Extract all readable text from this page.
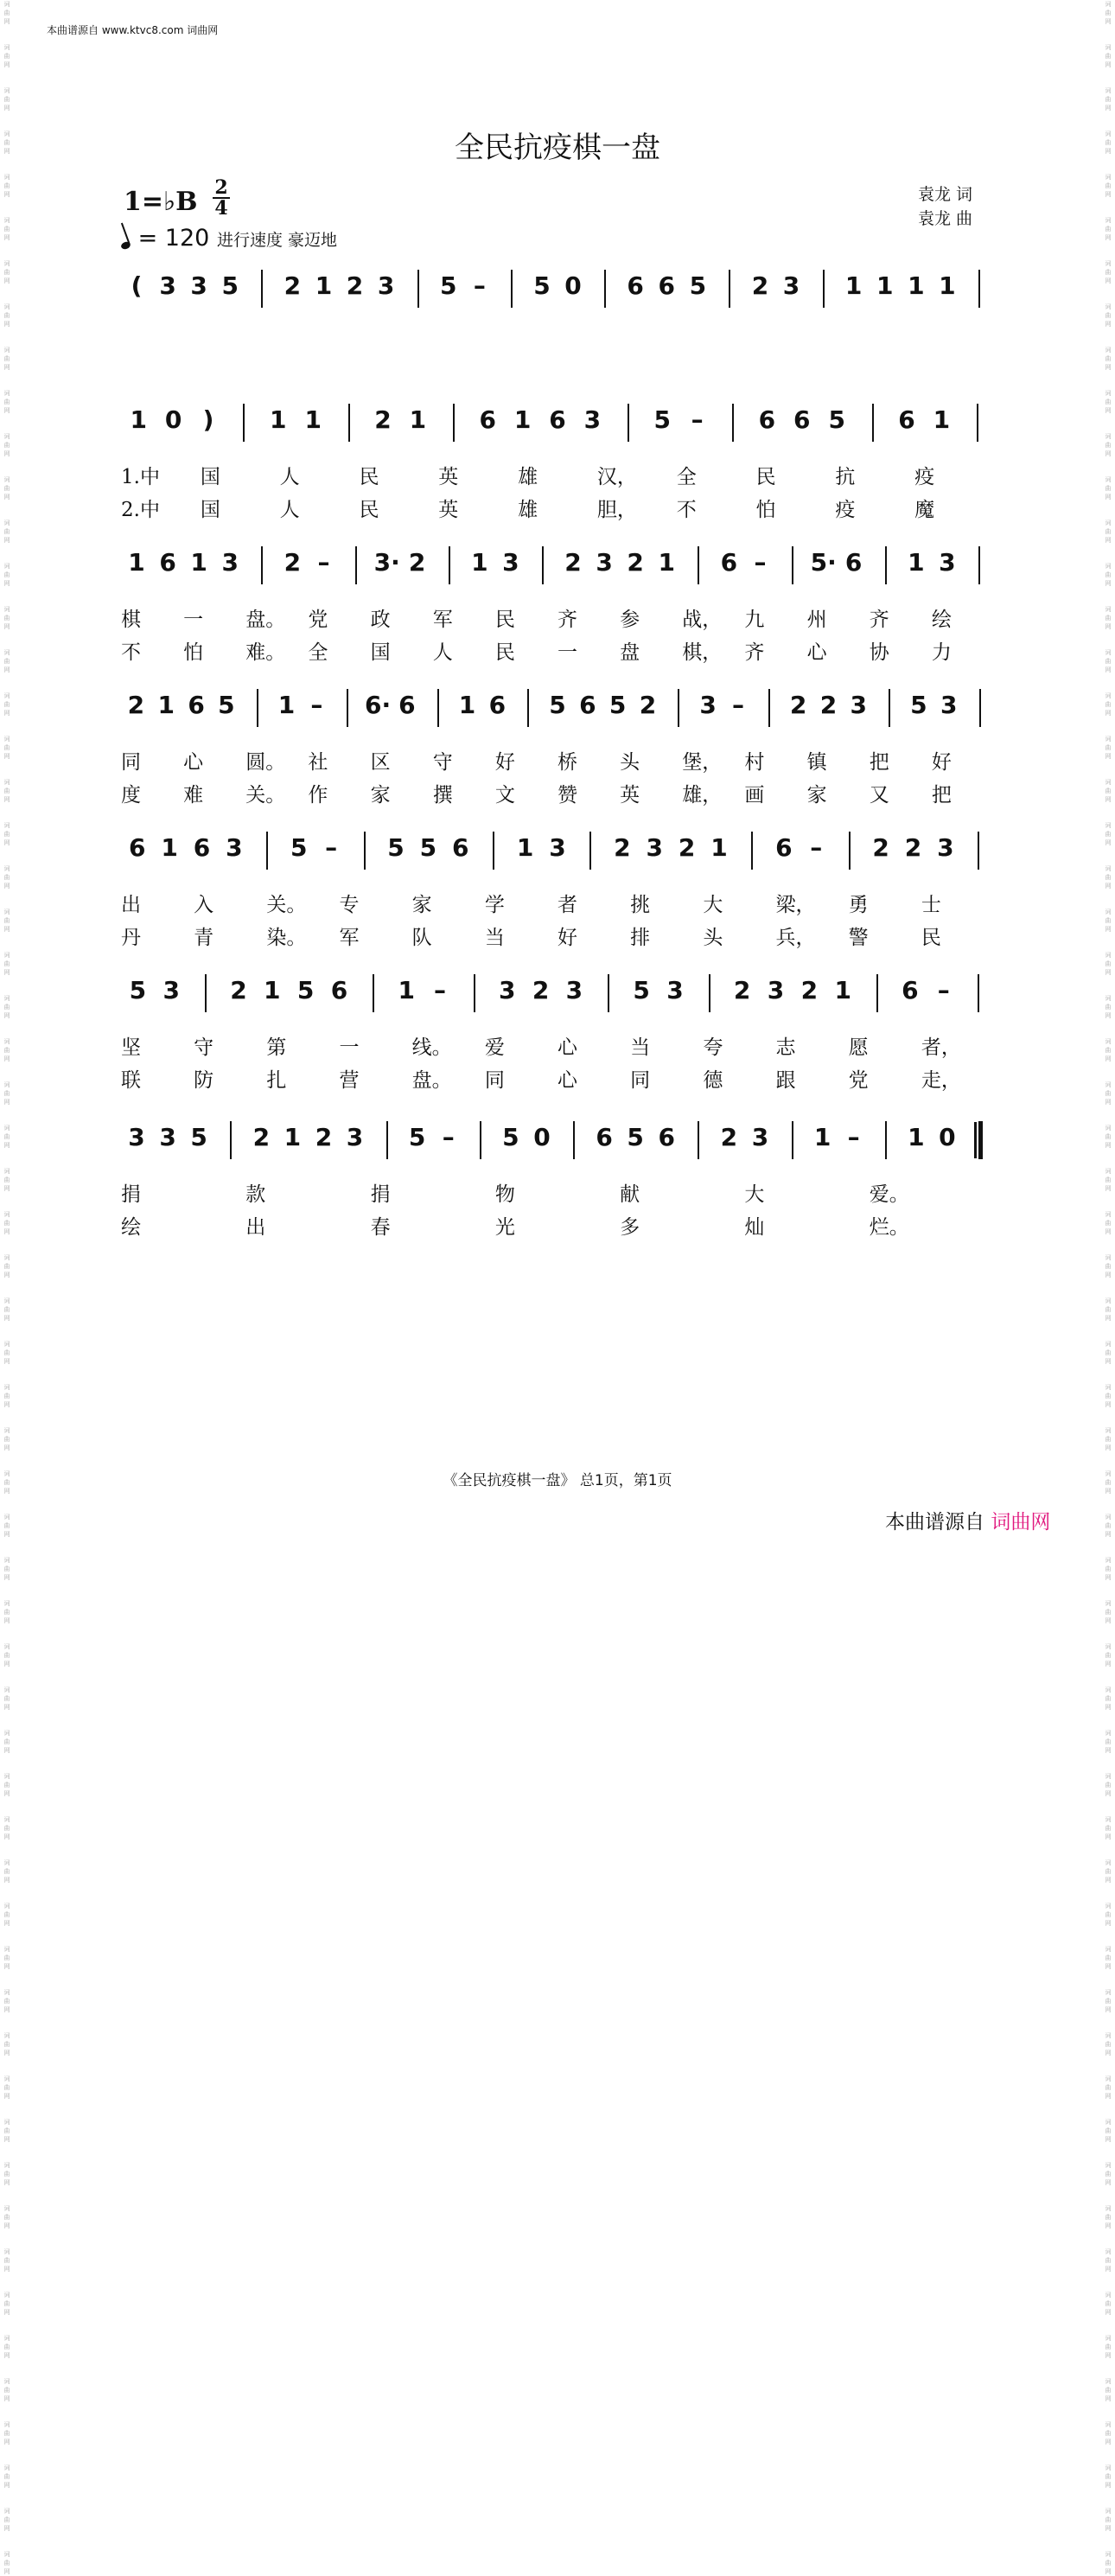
词
曲
网

词
曲
网

词
曲
网

词
曲
网

词
曲
网

词
曲
网

词
曲
网

词
曲
网

词
曲
网

词
曲
网

词
曲
网

词
曲
网

词
曲
网

词
曲
网

词
曲
网

词
曲
网

词
曲
网

词
曲
网

词
曲
网

词
曲
网

词
曲
网

词
曲
网

词
曲
网

词
曲
网

词
曲
网

词
曲
网

词
曲
网

词
曲
网

词
曲
网

词
曲
网

词
曲
网

词
曲
网

词
曲
网

词
曲
网

词
曲
网

词
曲
网

词
曲
网

词
曲
网

词
曲
网

词
曲
网

词
曲
网

词
曲
网

词
曲
网

词
曲
网

词
曲
网

词
曲
网

词
曲
网

词
曲
网

词
曲
网

词
曲
网

词
曲
网

词
曲
网

词
曲
网

词
曲
网

词
曲
网

词
曲
网

词
曲
网

词
曲
网

词
曲
网

词
曲
网

词
曲
网

词
曲
网

词
曲
网

词
曲
网

词
曲
网

词
曲
网

词
曲
网

词
曲
网

词
曲
网

词
曲
网

词
曲
网

词
曲
网

词
曲
网

词
曲
网

词
曲
网

词
曲
网

词
曲
网

词
曲
网

词
曲
网

词
曲
网

词
曲
网

词
曲
网

词
曲
网

词
曲
网

词
曲
网

词
曲
网

词
曲
网

词
曲
网

词
曲
网

词
曲
网

词
曲
网

词
曲
网

词
曲
网

词
曲
网

词
曲
网

词
曲
网

词
曲
网

词
曲
网

词
曲
网

词
曲
网

词
曲
网

词
曲
网

词
曲
网

词
曲
网

词
曲
网

词
曲
网

词
曲
网

词
曲
网

词
曲
网

词
曲
网

词
曲
网

词
曲
网

词
曲
网

词
曲
网

词
曲
网

词
曲
网

词
曲
网

词
曲
网

词
曲
网

词
曲
网

本曲谱源自 www.ktvc8.com 词曲网
全民抗疫棋一盘
1=♭B 2
4
= 120 进行速度 豪迈地
袁龙 词
袁龙 曲
( 3 3 5 2 1 2 3 5 – 5 0 6 6 5 2 3 1 1 1 1
1 0 ) 1 1 2 1 6 1 6 3 5 – 6 6 5 6 1
1.中 国	人	民	英	雄	汉， 全	民	抗	疫
2.中 国	人	民	英	雄	胆， 不	怕	疫	魔
1 6 1 3 2 – 3· 2 1 3 2 3 2 1 6 – 5· 6 1 3
棋 一 盘。 党 政 军 民 齐 参 战， 九 州 齐 绘
不 怕 难。 全 国 人 民 一 盘 棋， 齐 心 协 力
2 1 6 5 1 – 6· 6 1 6 5 6 5 2 3 – 2 2 3 5 3
同 心 圆。 社 区 守 好 桥 头 堡， 村 镇 把 好
度 难 关。 作 家 撰 文 赞 英 雄， 画 家 又 把
6 1 6 3 5 – 5 5 6 1 3 2 3 2 1 6 – 2 2 3
出	入	关。 专	家	学	者	挑	大	梁， 勇	士
丹	青	染。 军	队	当	好	排	头	兵， 警	民
5 3 2 1 5 6 1 – 3 2 3 5 3 2 3 2 1 6 –
坚	守	第	一	线。 爱	心	当	夸	志	愿	者，
联	防	扎	营	盘。 同	心	同	德	跟	党	走，
3 3 5 2 1 2 3 5 – 5 0 6 5 6 2 3 1 – 1 0
捐	款	捐	物	献	大	爱。
绘	出	春	光	多	灿	烂。
《全民抗疫棋一盘》 总1页，第1页
本曲谱源自 词曲网
